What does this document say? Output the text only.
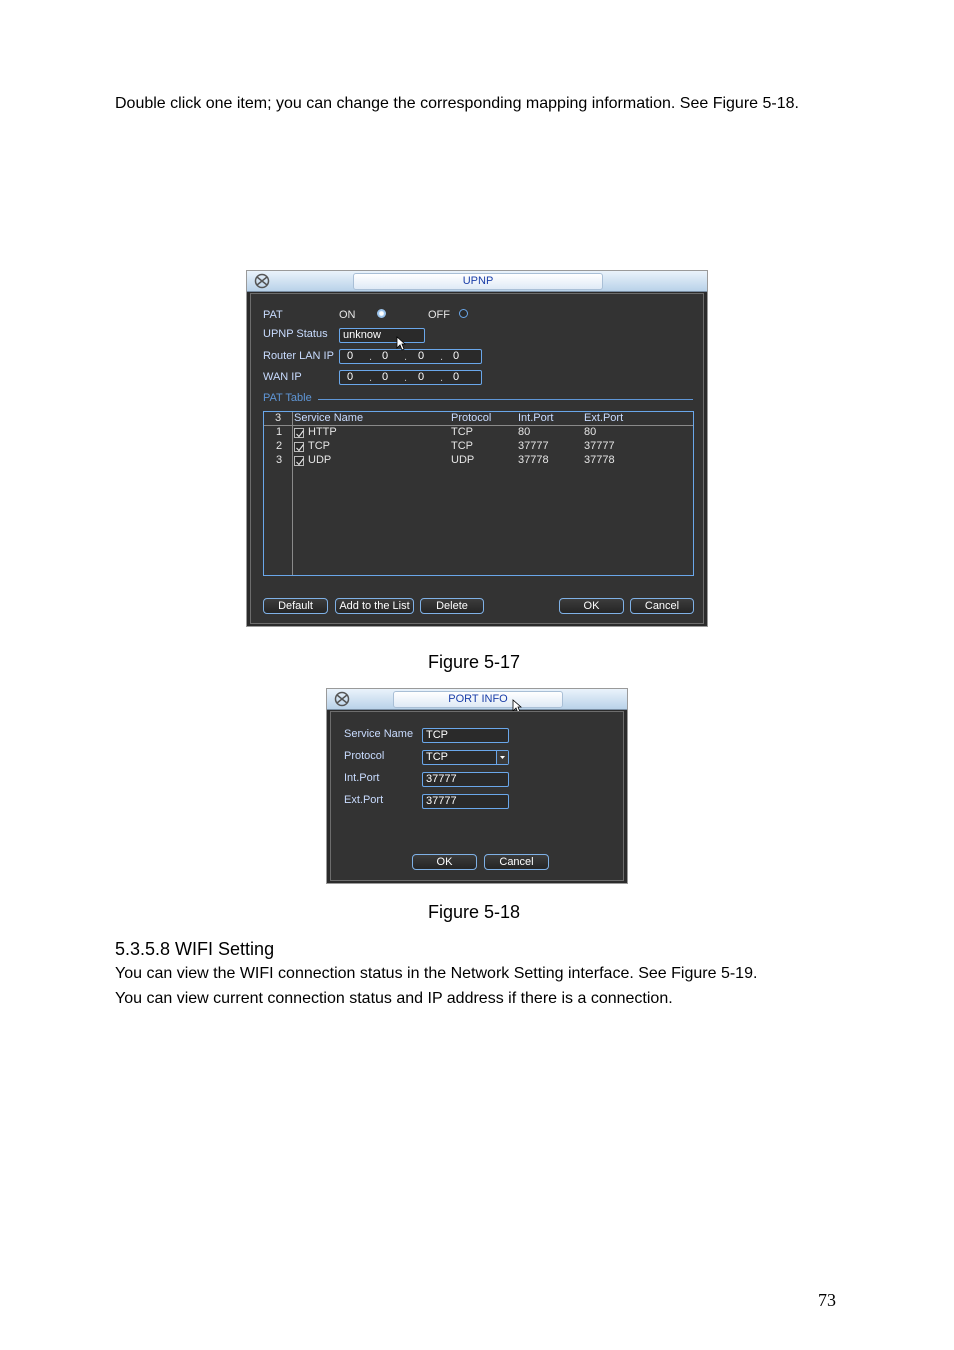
Double click one item; you can change the corresponding mapping information. See Figure 5-18.
UPNP
PAT	ON	OFF
UPNP Status	unknow
Router LAN IP 0 . 0 . 0 . 0
WAN IP	0 . 0 . 0 . 0
PAT Table
3 Service Name	Protocol Int.Port	Ext.Port
1 HTTP	TCP	80	80
2 TCP	TCP	37777	37777
3 UDP	UDP	37778	37778
Default	Add to the List	Delete	OK	Cancel
Figure 5-17
PORT INFO
Service Name	TCP
Protocol	TCP
Int.Port	37777
Ext.Port	37777
OK	Cancel
Figure 5-18
5.3.5.8 WIFI Setting
You can view the WIFI connection status in the Network Setting interface. See Figure 5-19.
You can view current connection status and IP address if there is a connection.
73
